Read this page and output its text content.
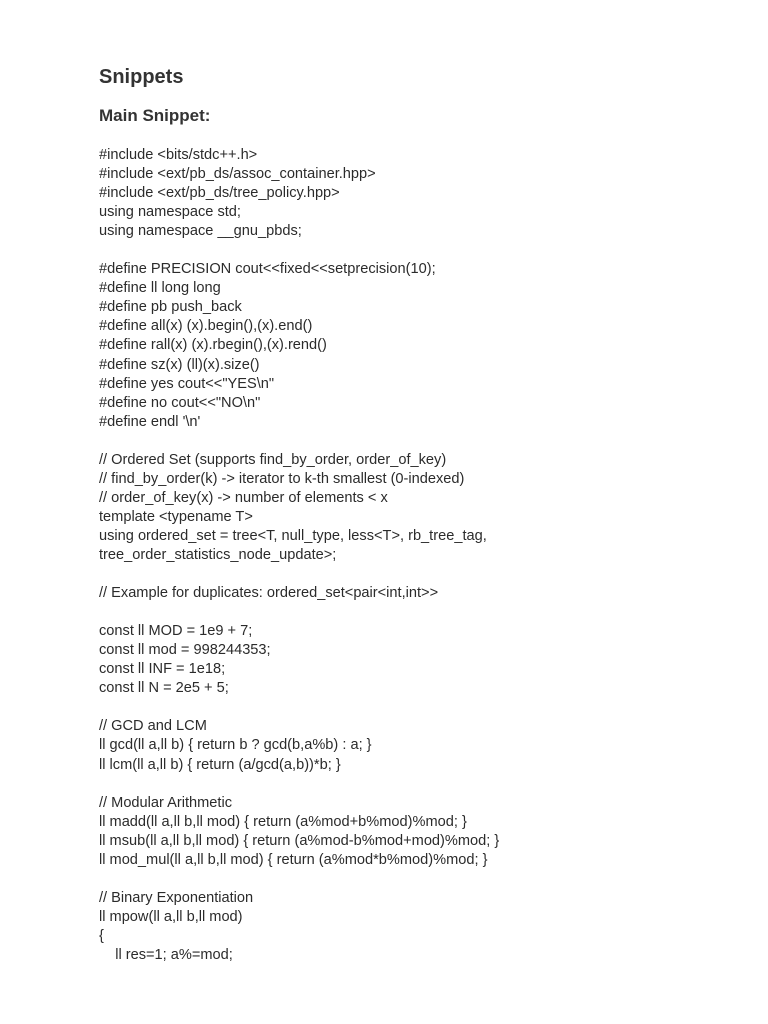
Snippets
Main Snippet:
#include <bits/stdc++.h>
#include <ext/pb_ds/assoc_container.hpp>
#include <ext/pb_ds/tree_policy.hpp>
using namespace std;
using namespace __gnu_pbds;
#define PRECISION cout<<fixed<<setprecision(10);
#define ll long long
#define pb push_back
#define all(x) (x).begin(),(x).end()
#define rall(x) (x).rbegin(),(x).rend()
#define sz(x) (ll)(x).size()
#define yes cout<<"YES\n"
#define no cout<<"NO\n"
#define endl '\n'
// Ordered Set (supports find_by_order, order_of_key)
// find_by_order(k) -> iterator to k-th smallest (0-indexed)
// order_of_key(x) -> number of elements < x
template <typename T>
using ordered_set = tree<T, null_type, less<T>, rb_tree_tag,
tree_order_statistics_node_update>;
// Example for duplicates: ordered_set<pair<int,int>>
const ll MOD = 1e9 + 7;
const ll mod = 998244353;
const ll INF = 1e18;
const ll N = 2e5 + 5;
// GCD and LCM
ll gcd(ll a,ll b) { return b ? gcd(b,a%b) : a; }
ll lcm(ll a,ll b) { return (a/gcd(a,b))*b; }
// Modular Arithmetic
ll madd(ll a,ll b,ll mod) { return (a%mod+b%mod)%mod; }
ll msub(ll a,ll b,ll mod) { return (a%mod-b%mod+mod)%mod; }
ll mod_mul(ll a,ll b,ll mod) { return (a%mod*b%mod)%mod; }
// Binary Exponentiation
ll mpow(ll a,ll b,ll mod)
{
ll res=1; a%=mod;
